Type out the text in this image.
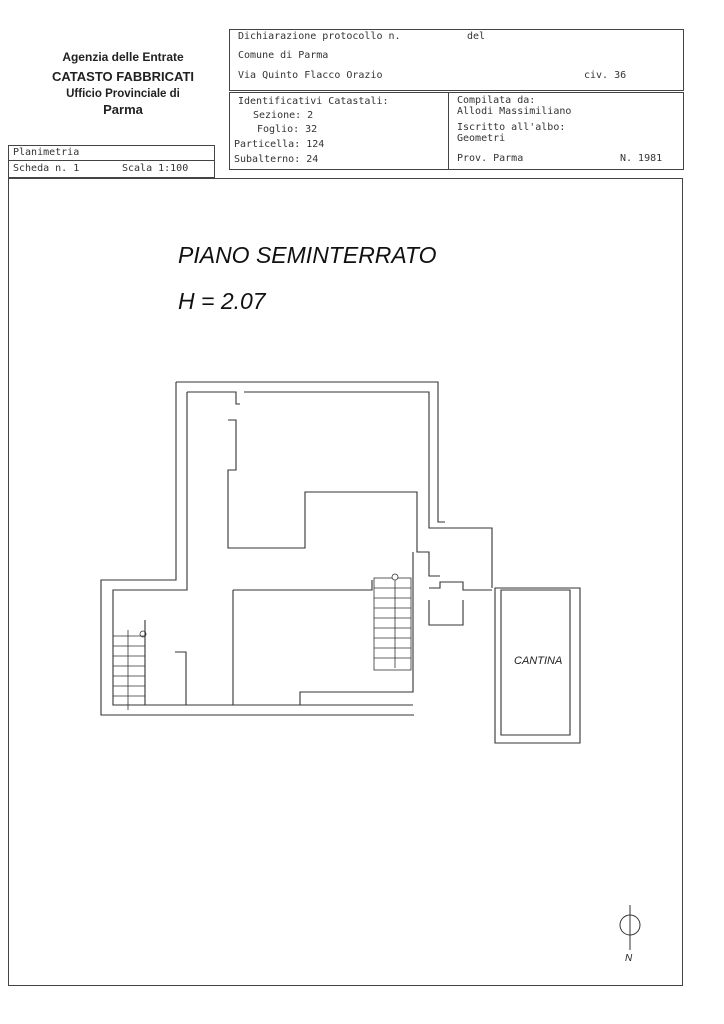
Agenzia delle Entrate
CATASTO FABBRICATI
Ufficio Provinciale di
Parma
Dichiarazione protocollo n.	del
Comune di Parma
Via Quinto Flacco Orazio	civ. 36
Identificativi Catastali:
Sezione: 2
Foglio: 32
Particella: 124
Subalterno: 24
Compilata da:
Allodi Massimiliano
Iscritto all'albo:
Geometri
Prov. Parma	N. 1981
Planimetria
Scheda n. 1	Scala 1:100
PIANO SEMINTERRATO
H = 2.07
CANTINA
N
